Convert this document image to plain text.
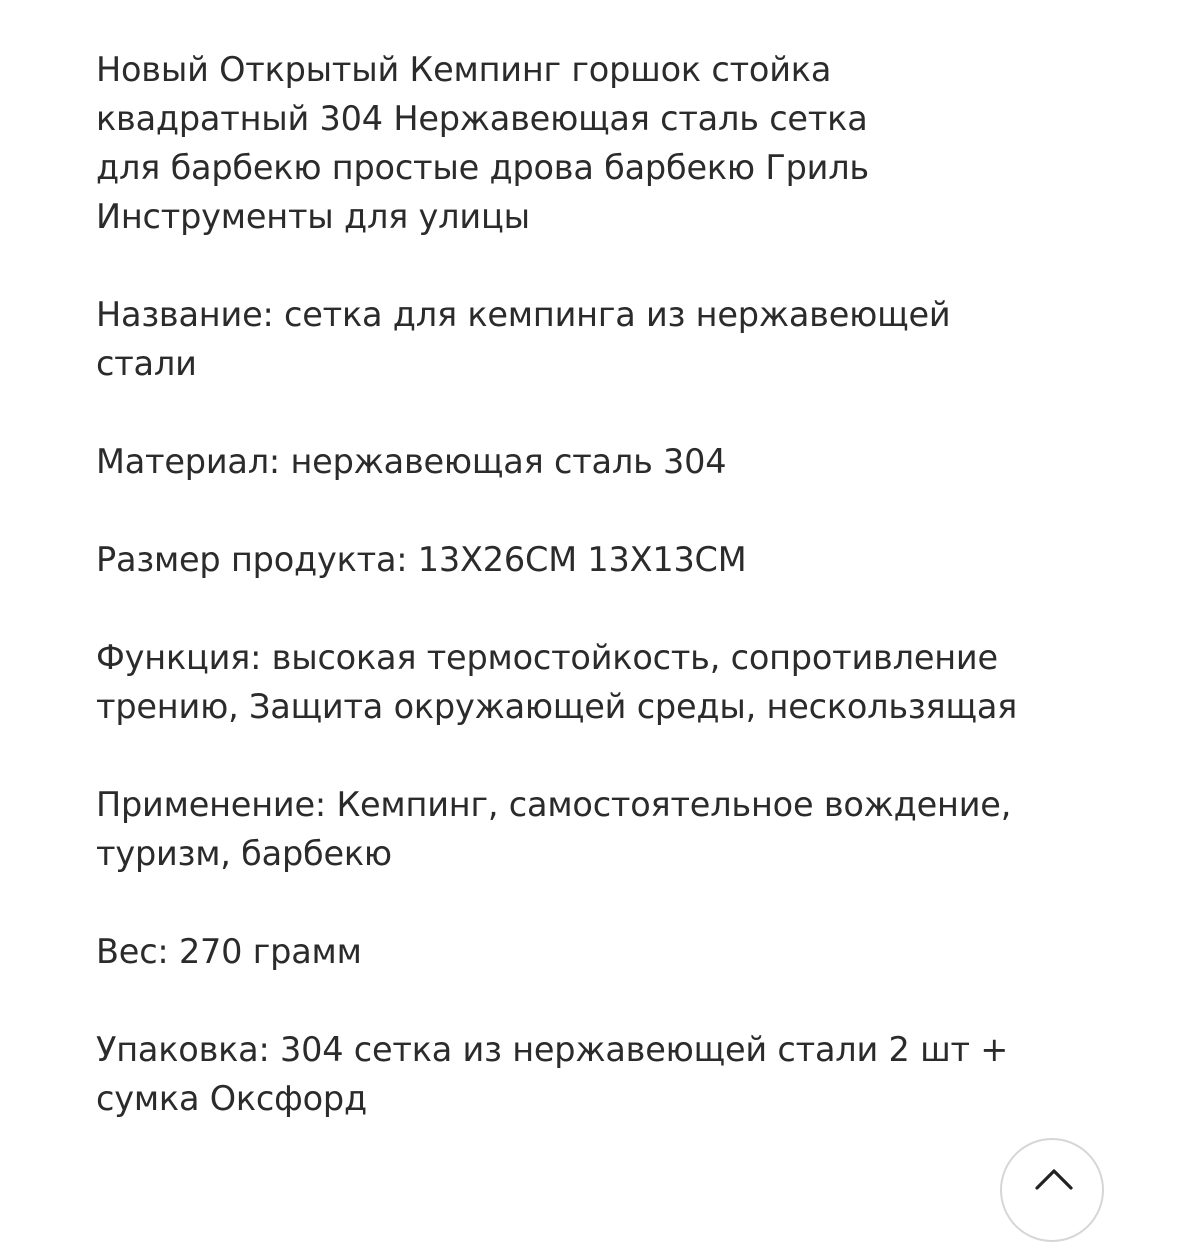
Новый Открытый Кемпинг горшок стойка
квадратный 304 Нержавеющая сталь сетка
для барбекю простые дрова барбекю Гриль
Инструменты для улицы

Название: сетка для кемпинга из нержавеющей
стали

Материал: нержавеющая сталь 304

Размер продукта: 13X26CM 13X13CM

Функция: высокая термостойкость, сопротивление
трению, Защита окружающей среды, нескользящая

Применение: Кемпинг, самостоятельное вождение,
туризм, барбекю

Вес: 270 грамм

Упаковка: 304 сетка из нержавеющей стали 2 шт +
сумка Оксфорд
